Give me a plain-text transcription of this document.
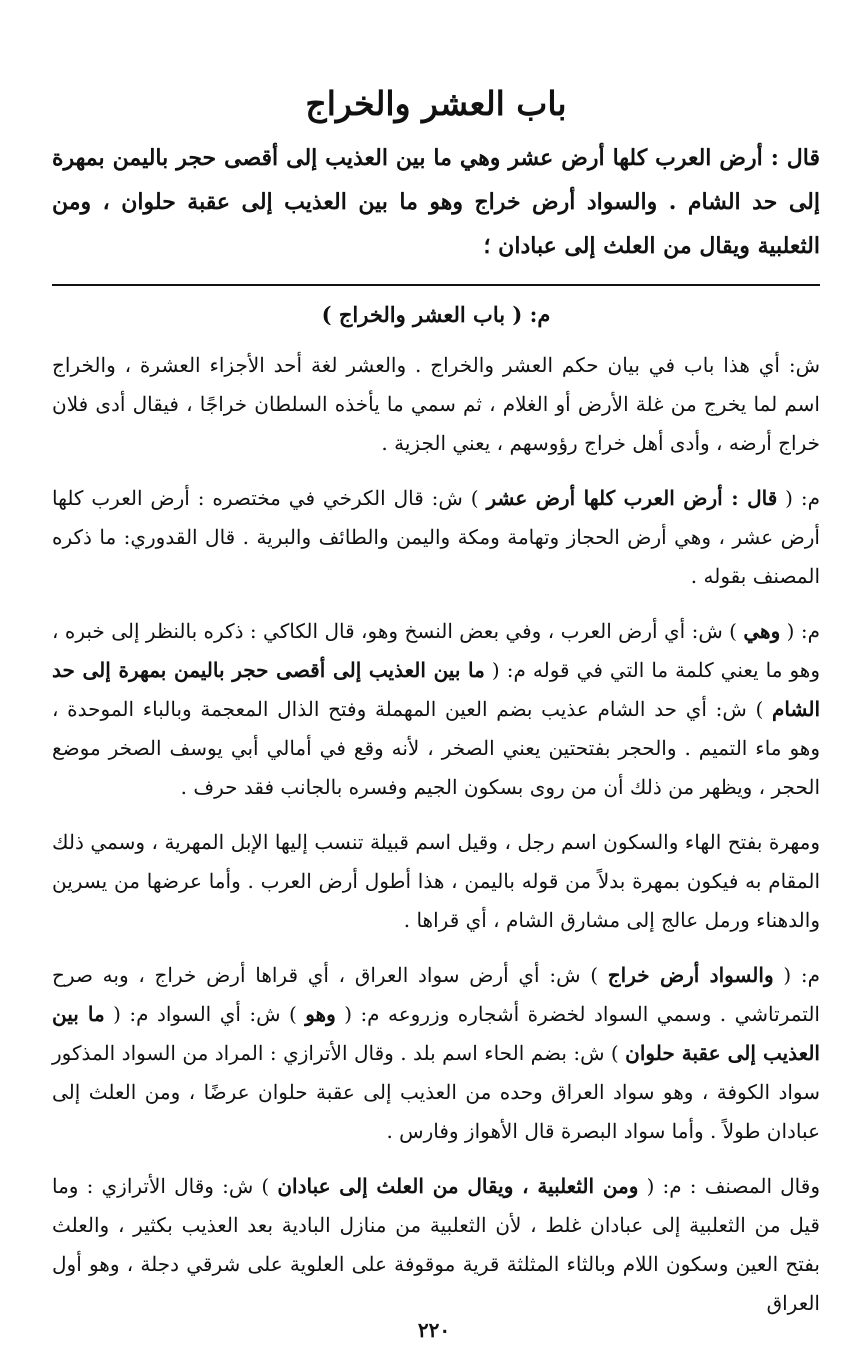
باب العشر والخراج

قال : أرض العرب كلها أرض عشر وهي ما بين العذيب إلى أقصى حجر باليمن بمهرة إلى حد الشام . والسواد أرض خراج وهو ما بين العذيب إلى عقبة حلوان ، ومن الثعلبية ويقال من العلث إلى عبادان ؛

م: ( باب العشر والخراج )

ش: أي هذا باب في بيان حكم العشر والخراج . والعشر لغة أحد الأجزاء العشرة ، والخراج اسم لما يخرج من غلة الأرض أو الغلام ، ثم سمي ما يأخذه السلطان خراجًا ، فيقال أدى فلان خراج أرضه ، وأدى أهل خراج رؤوسهم ، يعني الجزية .

م: ( قال : أرض العرب كلها أرض عشر ) ش: قال الكرخي في مختصره : أرض العرب كلها أرض عشر ، وهي أرض الحجاز وتهامة ومكة واليمن والطائف والبرية . قال القدوري: ما ذكره المصنف بقوله .

م: ( وهي ) ش: أي أرض العرب ، وفي بعض النسخ وهو، قال الكاكي : ذكره بالنظر إلى خبره ، وهو ما يعني كلمة ما التي في قوله م: ( ما بين العذيب إلى أقصى حجر باليمن بمهرة إلى حد الشام ) ش: أي حد الشام عذيب بضم العين المهملة وفتح الذال المعجمة وبالباء الموحدة ، وهو ماء التميم . والحجر بفتحتين يعني الصخر ، لأنه وقع في أمالي أبي يوسف الصخر موضع الحجر ، ويظهر من ذلك أن من روى بسكون الجيم وفسره بالجانب فقد حرف .

ومهرة بفتح الهاء والسكون اسم رجل ، وقيل اسم قبيلة تنسب إليها الإبل المهرية ، وسمي ذلك المقام به فيكون بمهرة بدلاً من قوله باليمن ، هذا أطول أرض العرب . وأما عرضها من يسرين والدهناء ورمل عالج إلى مشارق الشام ، أي قراها .

م: ( والسواد أرض خراج ) ش: أي أرض سواد العراق ، أي قراها أرض خراج ، وبه صرح التمرتاشي . وسمي السواد لخضرة أشجاره وزروعه م: ( وهو ) ش: أي السواد م: ( ما بين العذيب إلى عقبة حلوان ) ش: بضم الحاء اسم بلد . وقال الأترازي : المراد من السواد المذكور سواد الكوفة ، وهو سواد العراق وحده من العذيب إلى عقبة حلوان عرضًا ، ومن العلث إلى عبادان طولاً . وأما سواد البصرة قال الأهواز وفارس .

وقال المصنف : م: ( ومن الثعلبية ، ويقال من العلث إلى عبادان ) ش: وقال الأترازي : وما قيل من الثعلبية إلى عبادان غلط ، لأن الثعلبية من منازل البادية بعد العذيب بكثير ، والعلث بفتح العين وسكون اللام وبالثاء المثلثة قرية موقوفة على العلوية على شرقي دجلة ، وهو أول العراق

٢٢٠
